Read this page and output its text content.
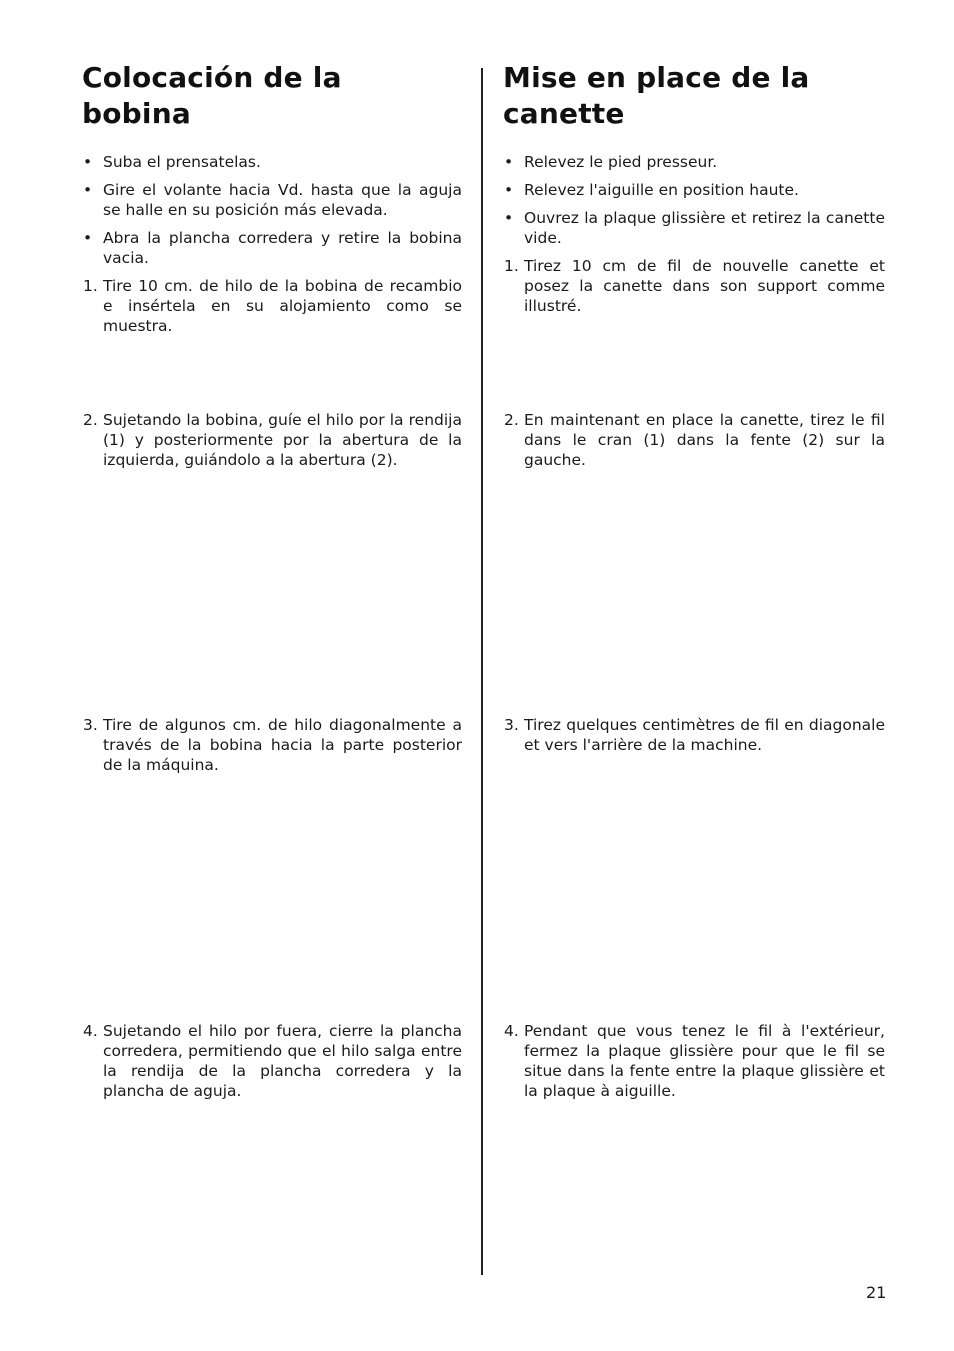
Colocación de la
bobina
• Suba el prensatelas.
• Gire el volante hacia Vd. hasta que la aguja se halle en su posición más elevada.
• Abra la plancha corredera y retire la bobina vacia.
1. Tire 10 cm. de hilo de la bobina de recambio e insértela en su alojamiento como se muestra.
2. Sujetando la bobina, guíe el hilo por la rendija (1) y posteriormente por la abertura de la izquierda, guiándolo a la abertura (2).
3. Tire de algunos cm. de hilo diagonalmente a través de la bobina hacia la parte posterior de la máquina.
4. Sujetando el hilo por fuera, cierre la plancha corredera, permitiendo que el hilo salga entre la rendija de la plancha corredera y la plancha de aguja.
Mise en place de la
canette
• Relevez le pied presseur.
• Relevez l'aiguille en position haute.
• Ouvrez la plaque glissière et retirez la canette vide.
1. Tirez 10 cm de fil de nouvelle canette et posez la canette dans son support comme illustré.
2. En maintenant en place la canette, tirez le fil dans le cran (1) dans la fente (2) sur la gauche.
3. Tirez quelques centimètres de fil en diagonale et vers l'arrière de la machine.
4. Pendant que vous tenez le fil à l'extérieur, fermez la plaque glissière pour que le fil se situe dans la fente entre la plaque glissière et la plaque à aiguille.
21
